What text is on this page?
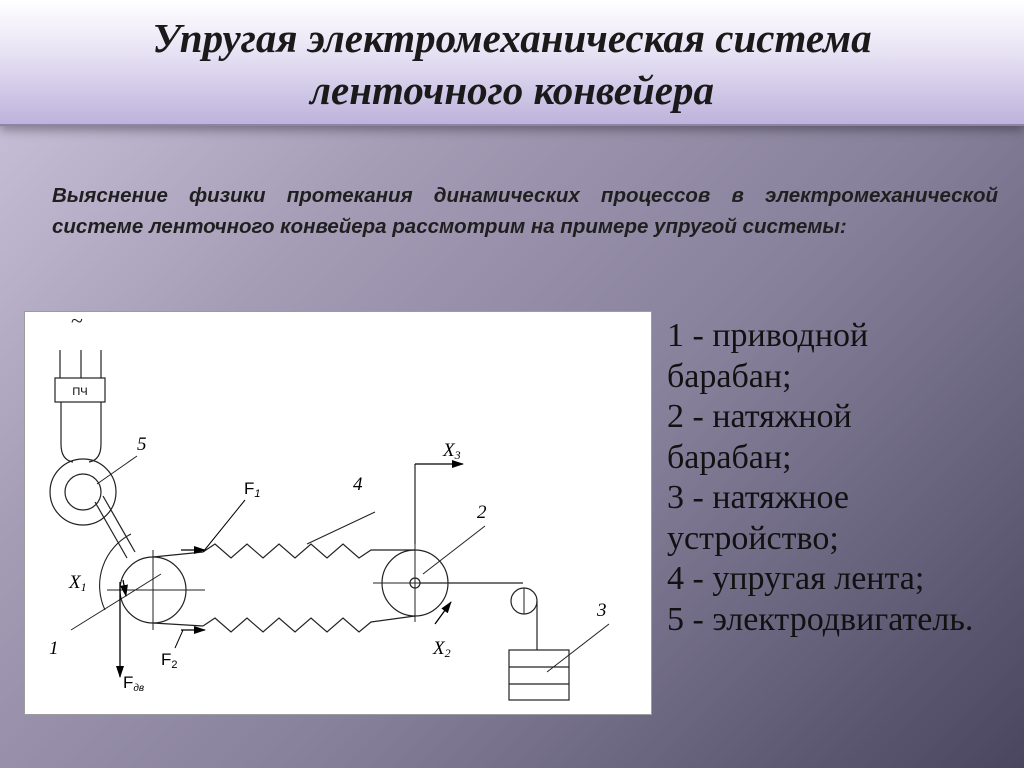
Упругая электромеханическая система
ленточного конвейера

Выяснение физики протекания динамических процессов в электромеханической системе ленточного конвейера рассмотрим на примере упругой системы:

~
ПЧ
5
4
2
3
1
X1
X3
X2
F1
F2
Fдв
1 - приводной
барабан;
2 - натяжной
барабан;
3 - натяжное
устройство;
4 - упругая лента;
5 - электродвигатель.
